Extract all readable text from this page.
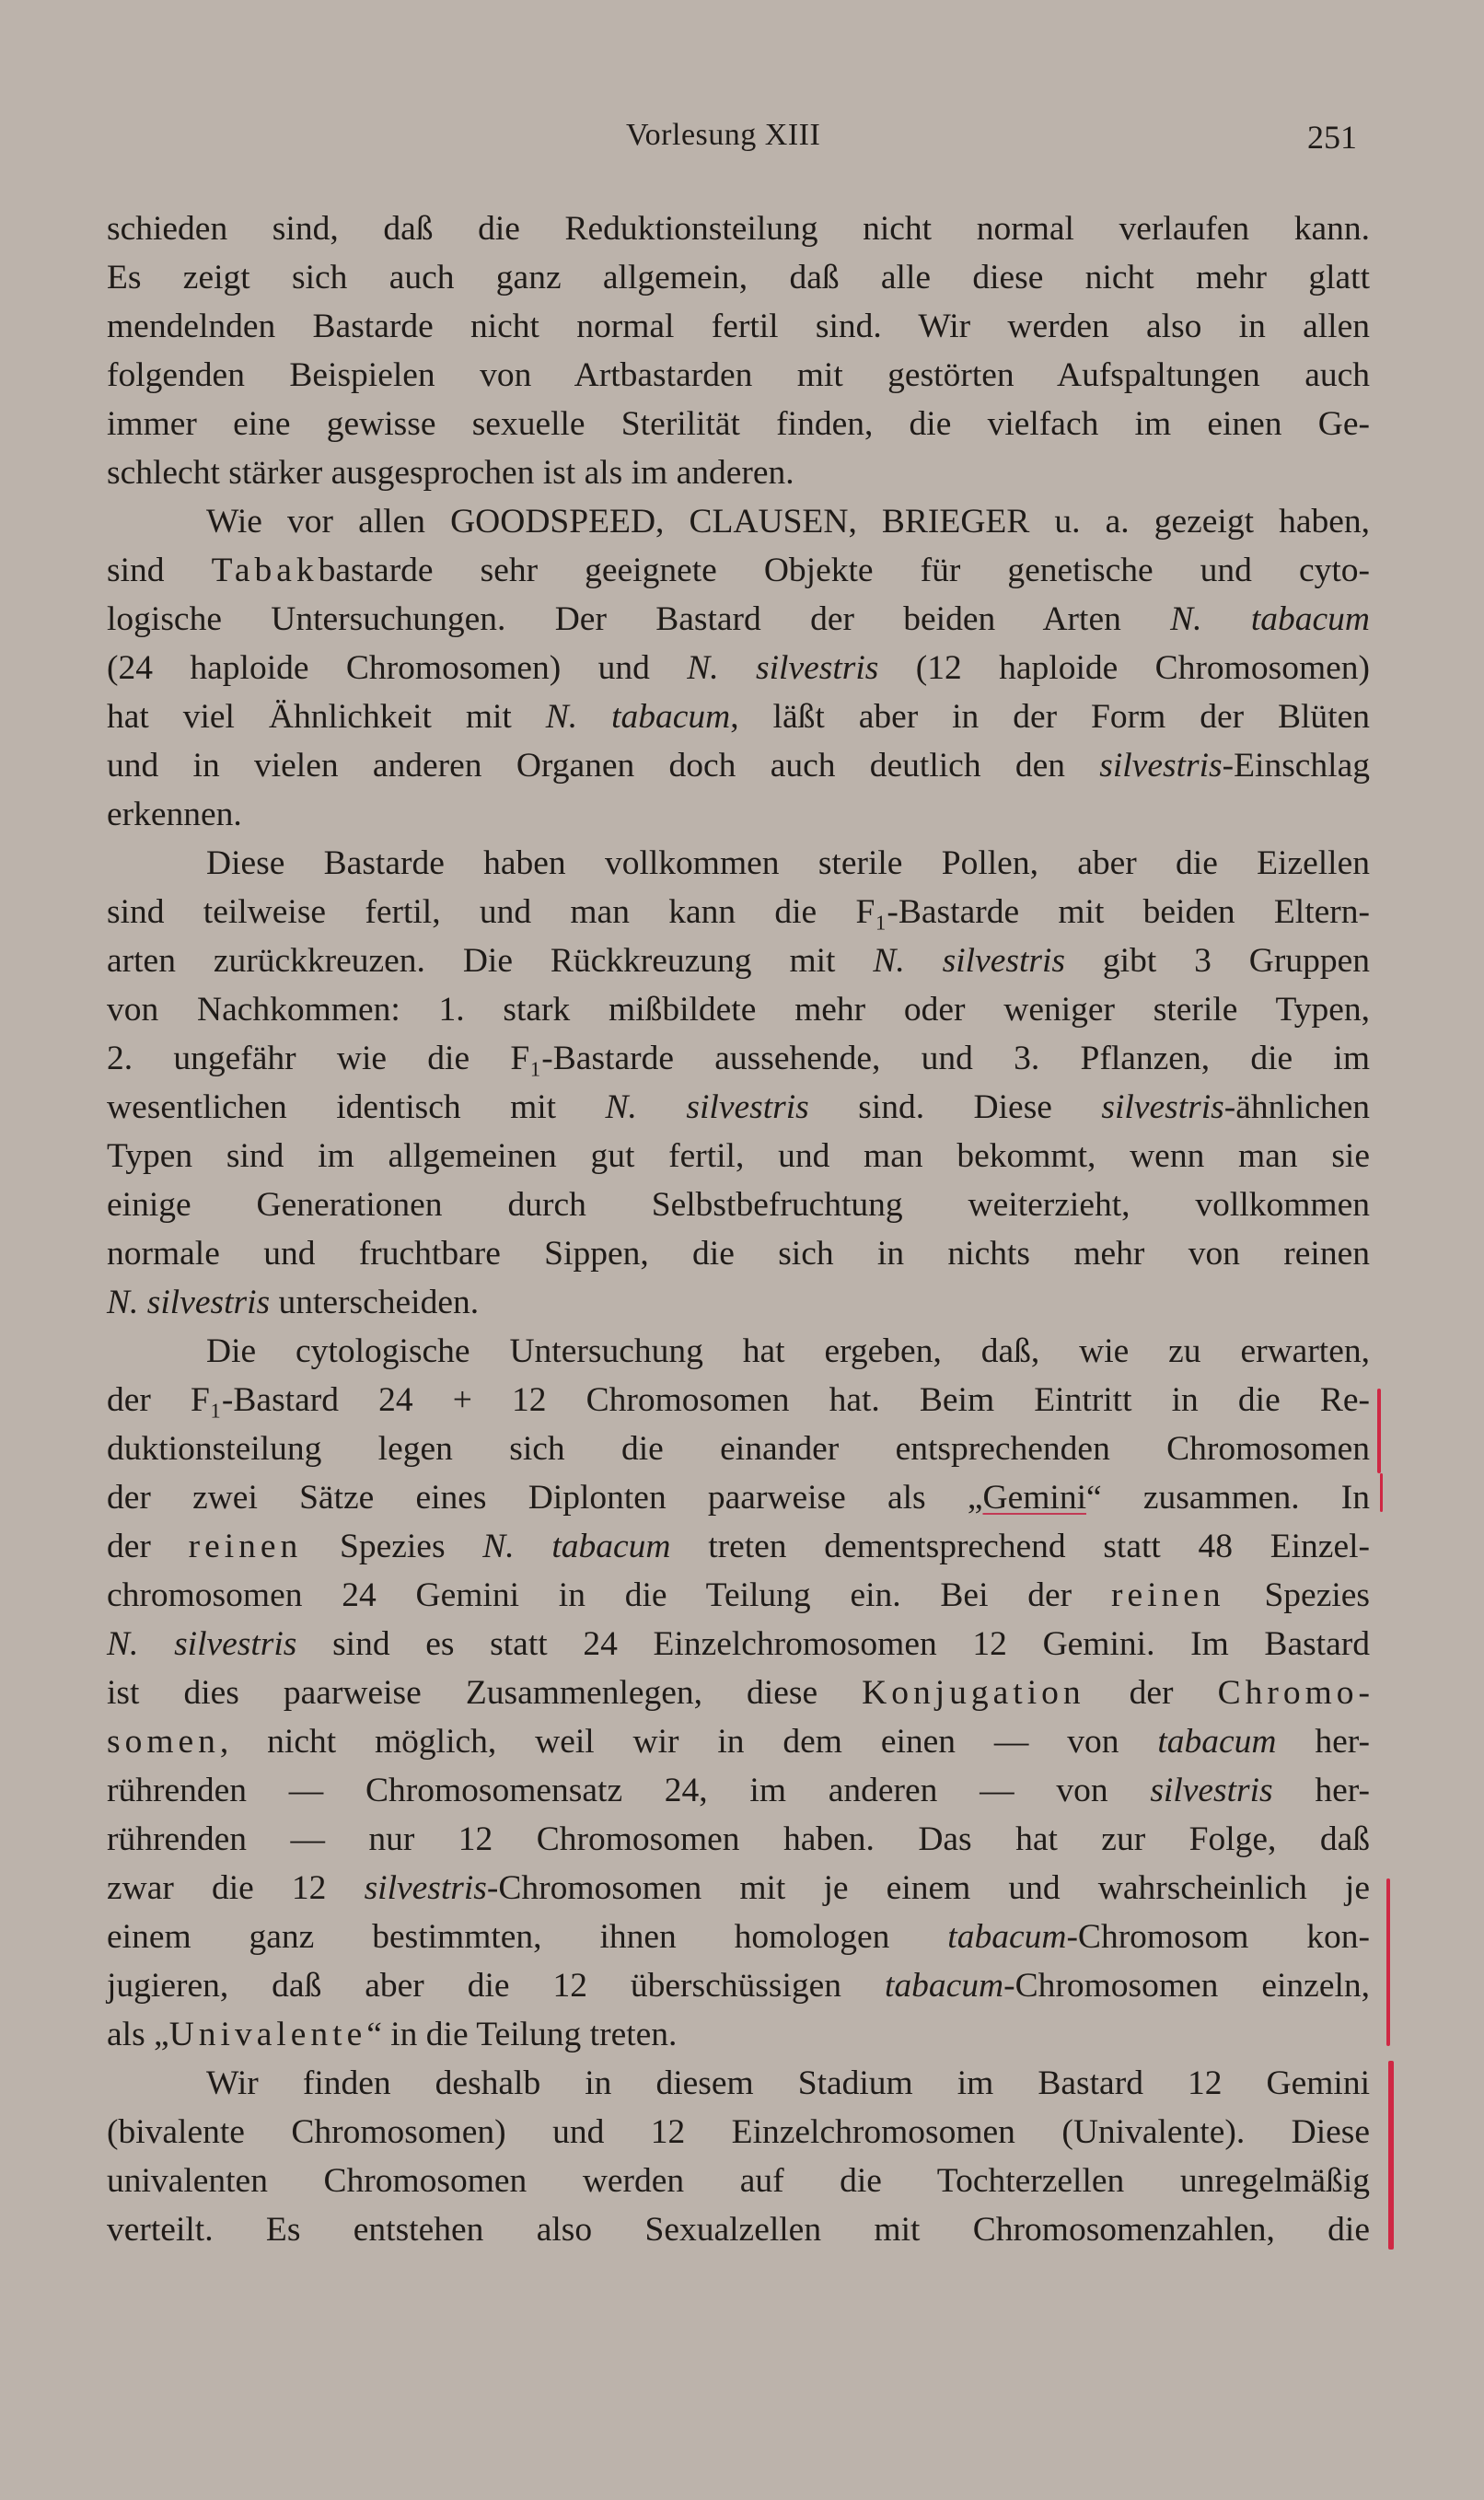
Vorlesung XIII	251
schieden sind, daß die Reduktionsteilung nicht normal verlaufen kann.
Es zeigt sich auch ganz allgemein, daß alle diese nicht mehr glatt
mendelnden Bastarde nicht normal fertil sind. Wir werden also in allen
folgenden Beispielen von Artbastarden mit gestörten Aufspaltungen auch
immer eine gewisse sexuelle Sterilität finden, die vielfach im einen Ge-
schlecht stärker ausgesprochen ist als im anderen.
Wie vor allen GOODSPEED, CLAUSEN, BRIEGER u. a. gezeigt haben,
sind Tabakbastarde sehr geeignete Objekte für genetische und cyto-
logische Untersuchungen. Der Bastard der beiden Arten N. tabacum
(24 haploide Chromosomen) und N. silvestris (12 haploide Chromosomen)
hat viel Ähnlichkeit mit N. tabacum, läßt aber in der Form der Blüten
und in vielen anderen Organen doch auch deutlich den silvestris-Einschlag
erkennen.
Diese Bastarde haben vollkommen sterile Pollen, aber die Eizellen
sind teilweise fertil, und man kann die F₁-Bastarde mit beiden Eltern-
arten zurückkreuzen. Die Rückkreuzung mit N. silvestris gibt 3 Gruppen
von Nachkommen: 1. stark mißbildete mehr oder weniger sterile Typen,
2. ungefähr wie die F₁-Bastarde aussehende, und 3. Pflanzen, die im
wesentlichen identisch mit N. silvestris sind. Diese silvestris-ähnlichen
Typen sind im allgemeinen gut fertil, und man bekommt, wenn man sie
einige Generationen durch Selbstbefruchtung weiterzieht, vollkommen
normale und fruchtbare Sippen, die sich in nichts mehr von reinen
N. silvestris unterscheiden.
Die cytologische Untersuchung hat ergeben, daß, wie zu erwarten,
der F₁-Bastard 24 + 12 Chromosomen hat. Beim Eintritt in die Re-
duktionsteilung legen sich die einander entsprechenden Chromosomen
der zwei Sätze eines Diplonten paarweise als „Gemini“ zusammen. In
der reinen Spezies N. tabacum treten dementsprechend statt 48 Einzel-
chromosomen 24 Gemini in die Teilung ein. Bei der reinen Spezies
N. silvestris sind es statt 24 Einzelchromosomen 12 Gemini. Im Bastard
ist dies paarweise Zusammenlegen, diese Konjugation der Chromo-
somen, nicht möglich, weil wir in dem einen — von tabacum her-
rührenden — Chromosomensatz 24, im anderen — von silvestris her-
rührenden — nur 12 Chromosomen haben. Das hat zur Folge, daß
zwar die 12 silvestris-Chromosomen mit je einem und wahrscheinlich je
einem ganz bestimmten, ihnen homologen tabacum-Chromosom kon-
jugieren, daß aber die 12 überschüssigen tabacum-Chromosomen einzeln,
als „Univalente“ in die Teilung treten.
Wir finden deshalb in diesem Stadium im Bastard 12 Gemini
(bivalente Chromosomen) und 12 Einzelchromosomen (Univalente). Diese
univalenten Chromosomen werden auf die Tochterzellen unregelmäßig
verteilt. Es entstehen also Sexualzellen mit Chromosomenzahlen, die
